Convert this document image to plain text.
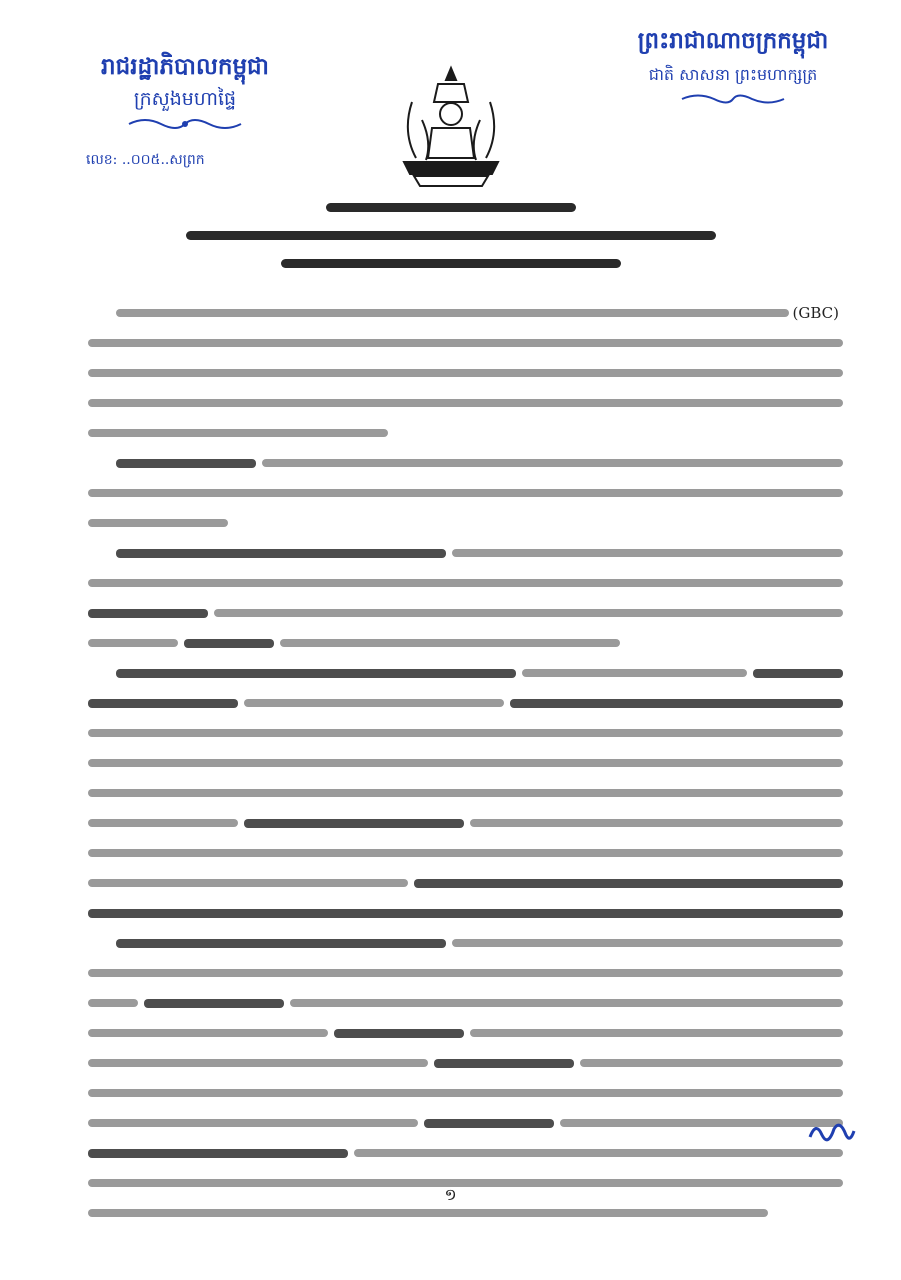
រាជរដ្ឋាភិបាលកម្ពុជា
ក្រសួងមហាផ្ទៃ
លេខ: ..០០៥..សព្រក
ព្រះរាជាណាចក្រកម្ពុជា
ជាតិ សាសនា ព្រះមហាក្សត្រ
(GBC)
១
